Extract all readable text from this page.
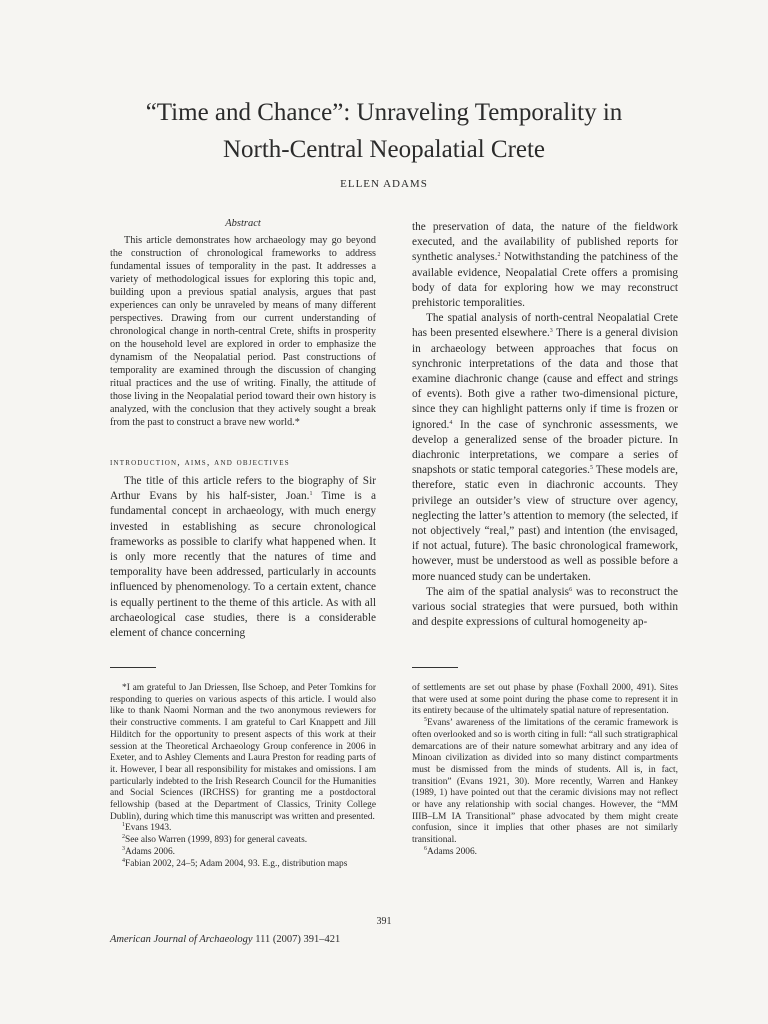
“Time and Chance”: Unraveling Temporality in
North-Central Neopalatial Crete
ELLEN ADAMS
Abstract

This article demonstrates how archaeology may go beyond the construction of chronological frameworks to address fundamental issues of temporality in the past. It addresses a variety of methodological issues for exploring this topic and, building upon a previous spatial analysis, argues that past experiences can only be unraveled by means of many different perspectives. Drawing from our current understanding of chronological change in north-central Crete, shifts in prosperity on the household level are explored in order to emphasize the dynamism of the Neopalatial period. Past constructions of temporality are examined through the discussion of changing ritual practices and the use of writing. Finally, the attitude of those living in the Neopalatial period toward their own history is analyzed, with the conclusion that they actively sought a break from the past to construct a brave new world.*

introduction, aims, and objectives

The title of this article refers to the biography of Sir Arthur Evans by his half-sister, Joan.$^1$ Time is a fundamental concept in archaeology, with much energy invested in establishing as secure chronological frameworks as possible to clarify what happened when. It is only more recently that the natures of time and temporality have been addressed, particularly in accounts influenced by phenomenology. To a certain extent, chance is equally pertinent to the theme of this article. As with all archaeological case studies, there is a considerable element of chance concerning

the preservation of data, the nature of the fieldwork executed, and the availability of published reports for synthetic analyses.$^2$ Notwithstanding the patchiness of the available evidence, Neopalatial Crete offers a promising body of data for exploring how we may reconstruct prehistoric temporalities.

The spatial analysis of north-central Neopalatial Crete has been presented elsewhere.$^3$ There is a general division in archaeology between approaches that focus on synchronic interpretations of the data and those that examine diachronic change (cause and effect and strings of events). Both give a rather two-dimensional picture, since they can highlight patterns only if time is frozen or ignored.$^4$ In the case of synchronic assessments, we develop a generalized sense of the broader picture. In diachronic interpretations, we compare a series of snapshots or static temporal categories.$^5$ These models are, therefore, static even in diachronic accounts. They privilege an outsider’s view of structure over agency, neglecting the latter’s attention to memory (the selected, if not objectively “real,” past) and intention (the envisaged, if not actual, future). The basic chronological framework, however, must be understood as well as possible before a more nuanced study can be undertaken.

The aim of the spatial analysis$^6$ was to reconstruct the various social strategies that were pursued, both within and despite expressions of cultural homogeneity ap-

*I am grateful to Jan Driessen, Ilse Schoep, and Peter Tomkins for responding to queries on various aspects of this article. I would also like to thank Naomi Norman and the two anonymous reviewers for their constructive comments. I am grateful to Carl Knappett and Jill Hilditch for the opportunity to present aspects of this work at their session at the Theoretical Archaeology Group conference in 2006 in Exeter, and to Ashley Clements and Laura Preston for reading parts of it. However, I bear all responsibility for mistakes and omissions. I am particularly indebted to the Irish Research Council for the Humanities and Social Sciences (IRCHSS) for granting me a postdoctoral fellowship (based at the Department of Classics, Trinity College Dublin), during which time this manuscript was written and presented.

$^1$Evans 1943.

$^2$See also Warren (1999, 893) for general caveats.

$^3$Adams 2006.

$^4$Fabian 2002, 24–5; Adam 2004, 93. E.g., distribution maps

of settlements are set out phase by phase (Foxhall 2000, 491). Sites that were used at some point during the phase come to represent it in its entirety because of the ultimately spatial nature of representation.

$^5$Evans’ awareness of the limitations of the ceramic framework is often overlooked and so is worth citing in full: “all such stratigraphical demarcations are of their nature somewhat arbitrary and any idea of Minoan civilization as divided into so many distinct compartments must be dismissed from the minds of students. All is, in fact, transition” (Evans 1921, 30). More recently, Warren and Hankey (1989, 1) have pointed out that the ceramic divisions may not reflect or have any relationship with social changes. However, the “MM IIIB–LM IA Transitional” phase advocated by them might create confusion, since it implies that other phases are not similarly transitional.

$^6$Adams 2006.

391
American Journal of Archaeology 111 (2007) 391–421
